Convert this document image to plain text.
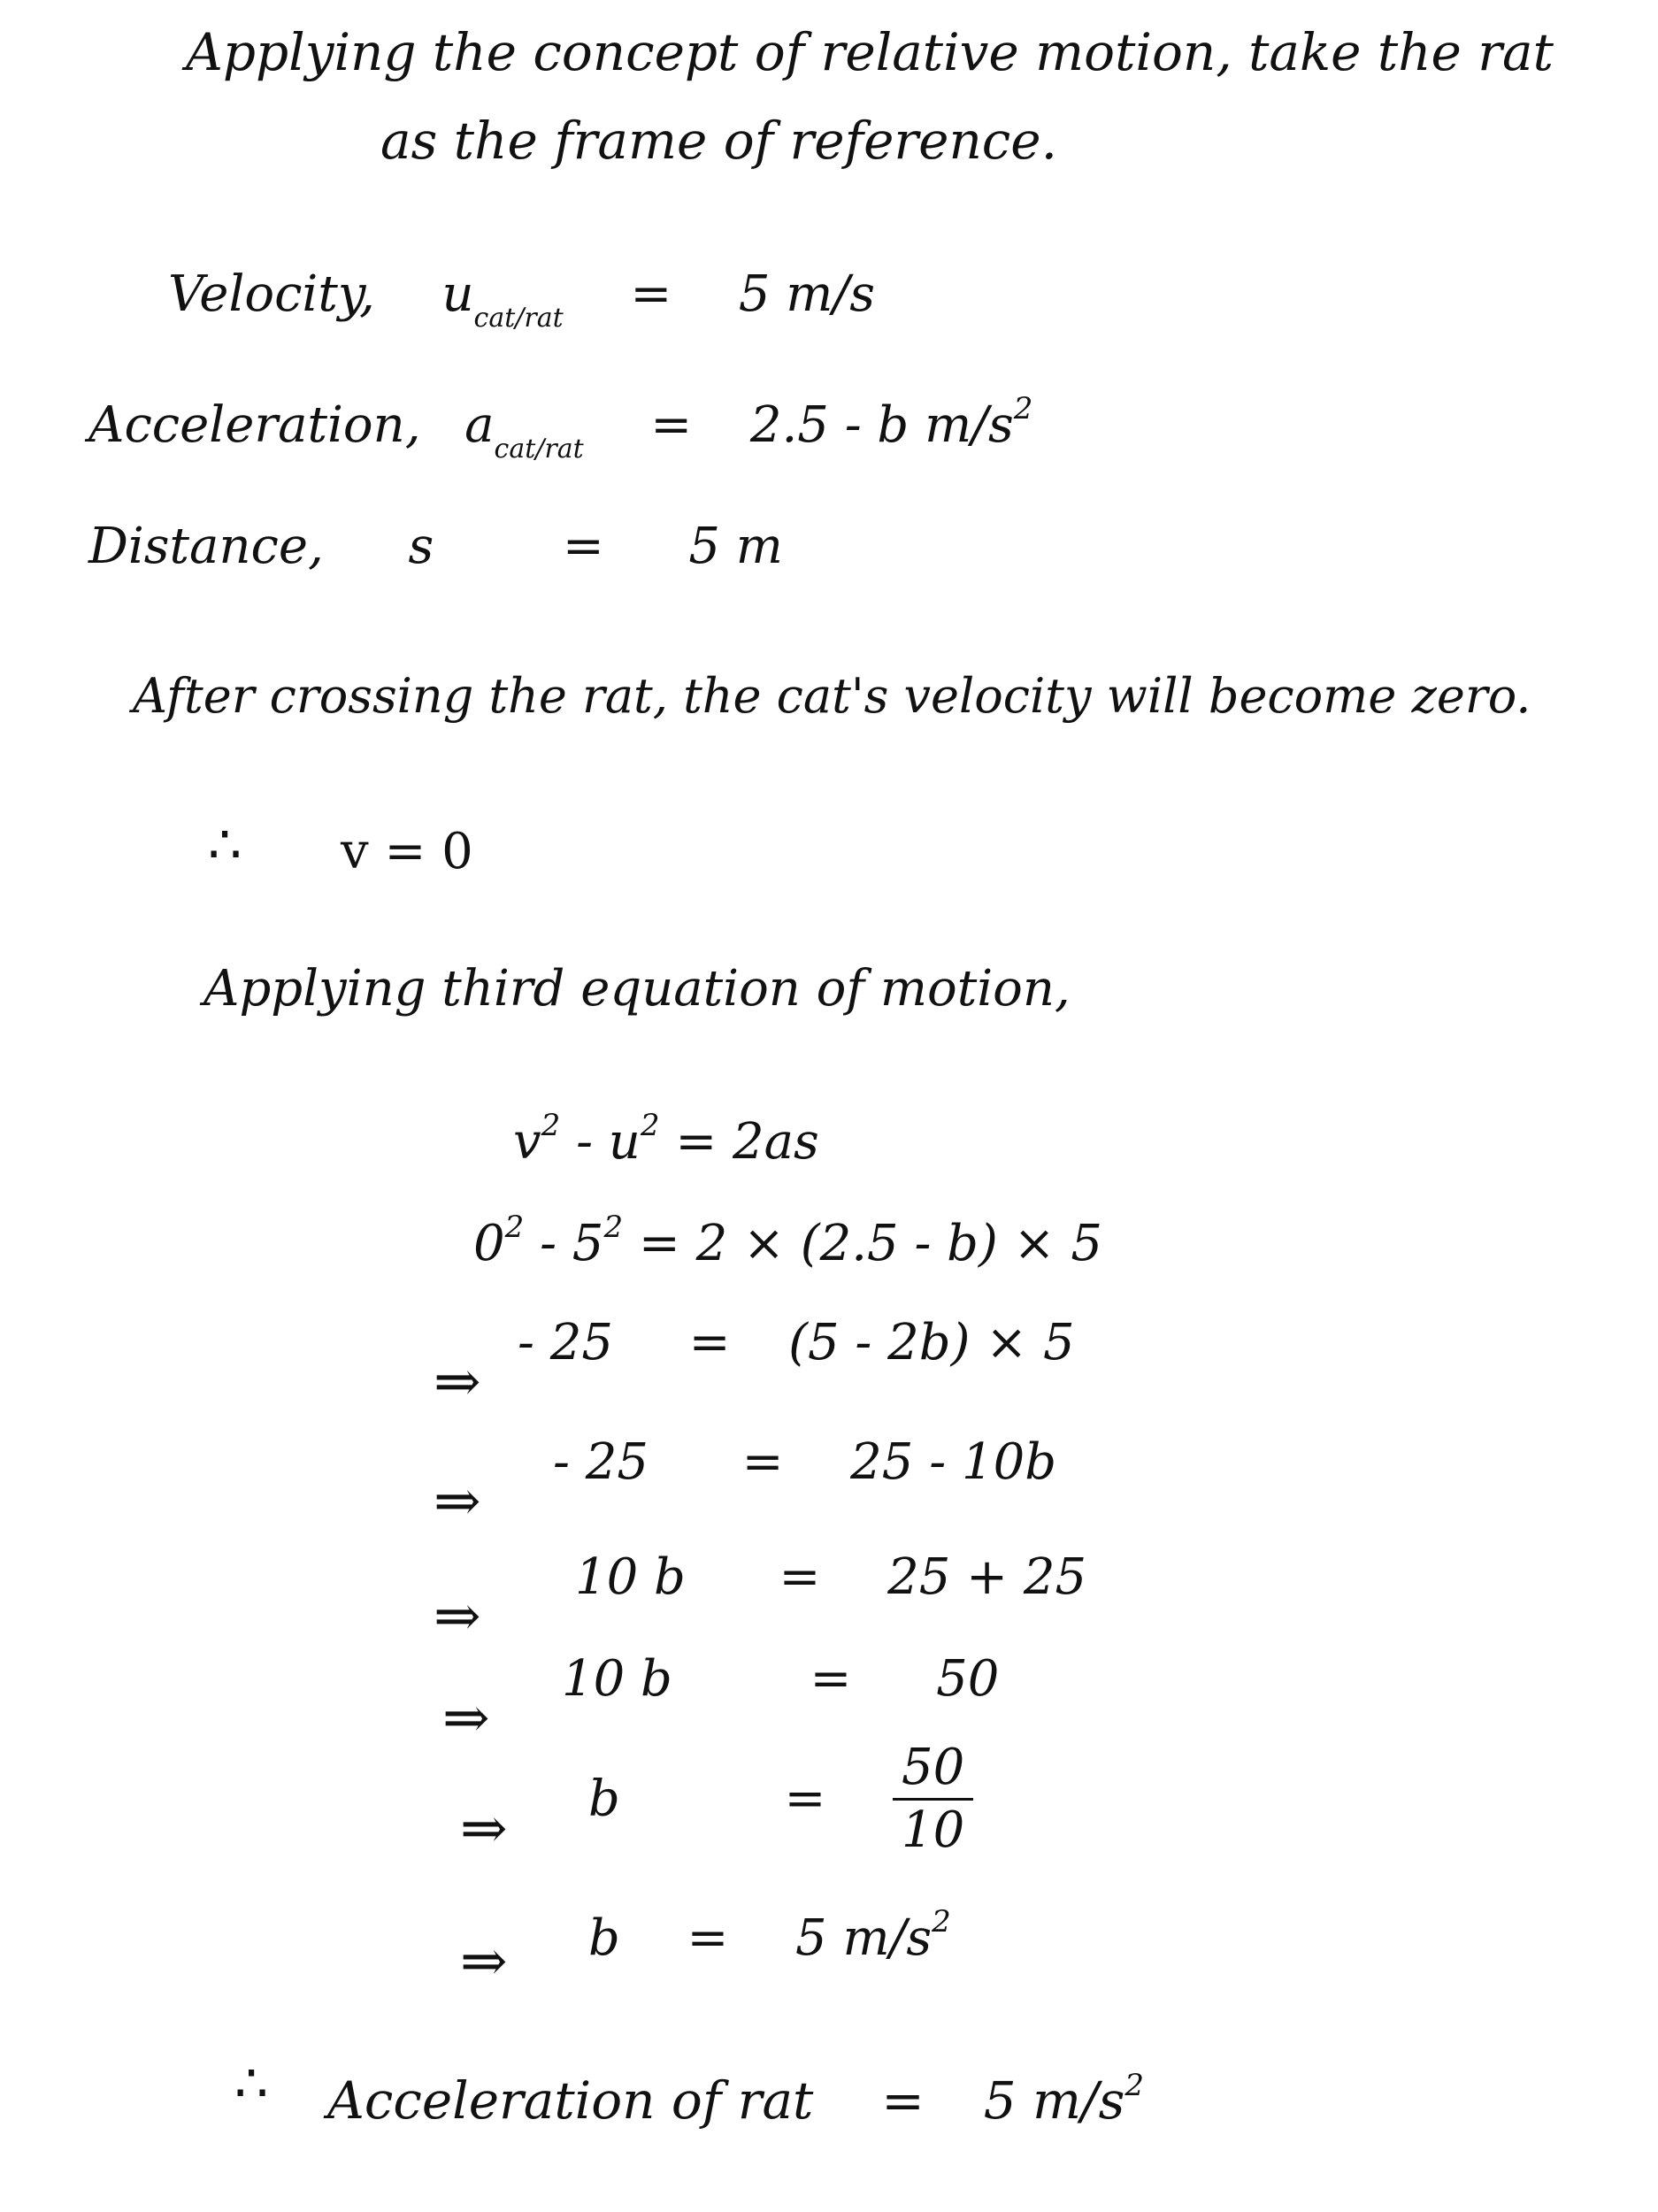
Applying the concept of relative motion, take the rat
as the frame of reference.
Velocity, $u_{cat/rat} = 5$ m/s
Acceleration, $a_{cat/rat} = 2.5 - b$ $m/s^2$
Distance, s	= 5 m
After crossing the rat, the cat's velocity will become zero.
∴ v = 0
Applying third equation of motion,
$v^2 - u^2 = 2as$
$0^2 - 5^2 = 2 \times (2.5 - b) \times 5$
⇒
- 25 = (5 - 2b) × 5
⇒
- 25 = 25 - 10b
⇒
10 b = 25 + 25
⇒
10 b	= 50
⇒ b	= $\frac{50}{10}$
⇒ b = 5 $m/s^2$
∴ Acceleration of rat = 5 $m/s^2$
